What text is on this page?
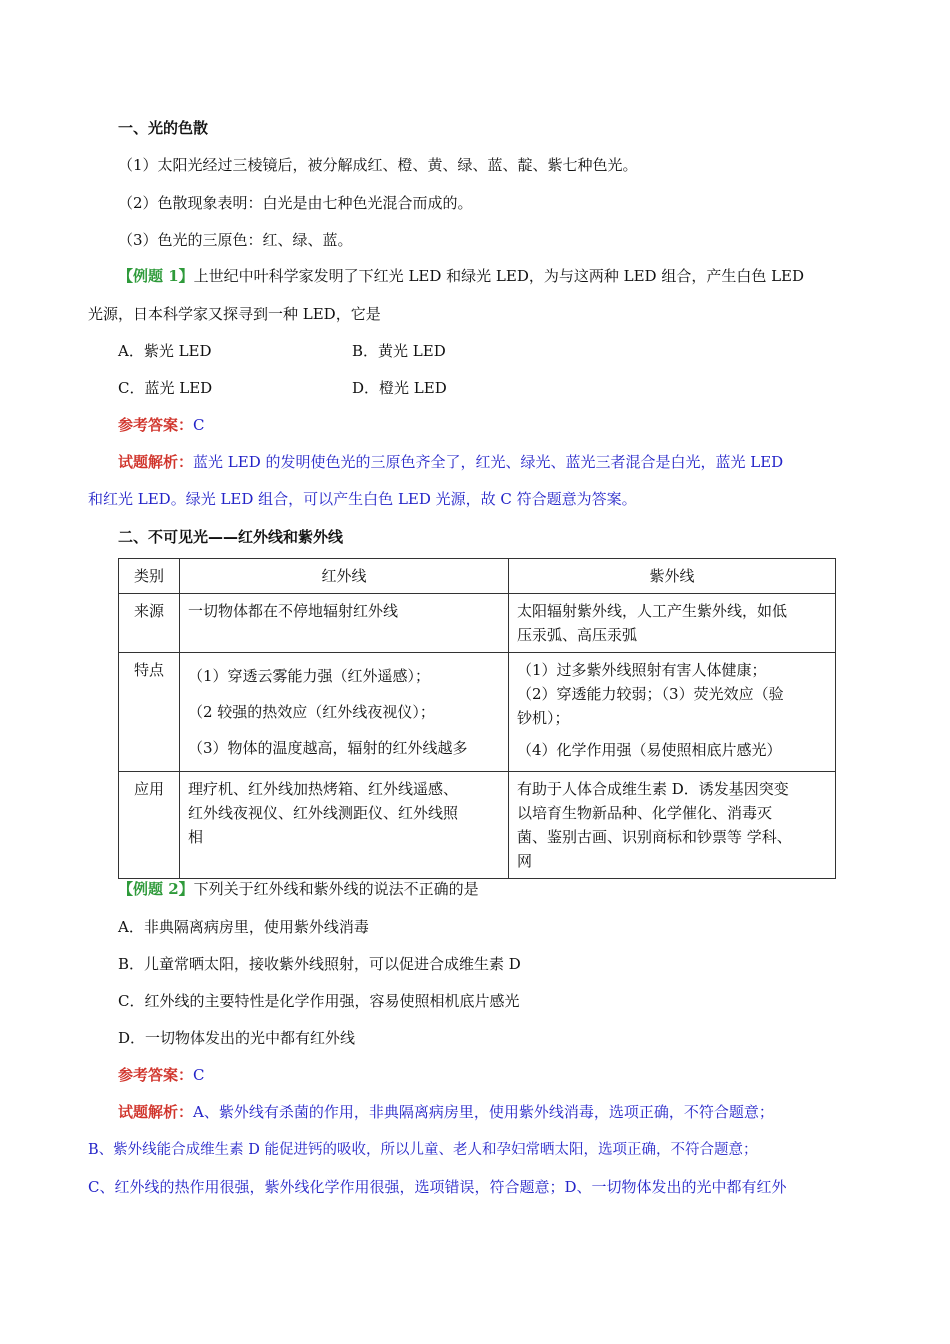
一、光的色散
（1）太阳光经过三棱镜后，被分解成红、橙、黄、绿、蓝、靛、紫七种色光。
（2）色散现象表明：白光是由七种色光混合而成的。
（3）色光的三原色：红、绿、蓝。
【例题 1】上世纪中叶科学家发明了下红光 LED 和绿光 LED，为与这两种 LED 组合，产生白色 LED
光源，日本科学家又探寻到一种 LED，它是
A．紫光 LED	B．黄光 LED
C．蓝光 LED	D．橙光 LED
参考答案：C
试题解析：蓝光 LED 的发明使色光的三原色齐全了，红光、绿光、蓝光三者混合是白光，蓝光 LED
和红光 LED。绿光 LED 组合，可以产生白色 LED 光源，故 C 符合题意为答案。
二、不可见光——红外线和紫外线
类别	红外线	紫外线
来源	一切物体都在不停地辐射红外线	太阳辐射紫外线，人工产生紫外线，如低
压汞弧、高压汞弧

特点	（1）穿透云雾能力强（红外遥感）；
（2 较强的热效应（红外线夜视仪）；
（3）物体的温度越高，辐射的红外线越多	（1）过多紫外线照射有害人体健康；
（2）穿透能力较弱；（3）荧光效应（验
钞机）；
（4）化学作用强（易使照相底片感光）

应用	理疗机、红外线加热烤箱、红外线遥感、
红外线夜视仪、红外线测距仪、红外线照
相	有助于人体合成维生素 D．诱发基因突变
以培育生物新品种、化学催化、消毒灭
菌、鉴别古画、识别商标和钞票等 学科、
网
【例题 2】下列关于红外线和紫外线的说法不正确的是
A．非典隔离病房里，使用紫外线消毒
B．儿童常晒太阳，接收紫外线照射，可以促进合成维生素 D
C．红外线的主要特性是化学作用强，容易使照相机底片感光
D．一切物体发出的光中都有红外线
参考答案：C
试题解析：A、紫外线有杀菌的作用，非典隔离病房里，使用紫外线消毒，选项正确，不符合题意；
B、紫外线能合成维生素 D 能促进钙的吸收，所以儿童、老人和孕妇常晒太阳，选项正确，不符合题意；
C、红外线的热作用很强，紫外线化学作用很强，选项错误，符合题意；D、一切物体发出的光中都有红外
